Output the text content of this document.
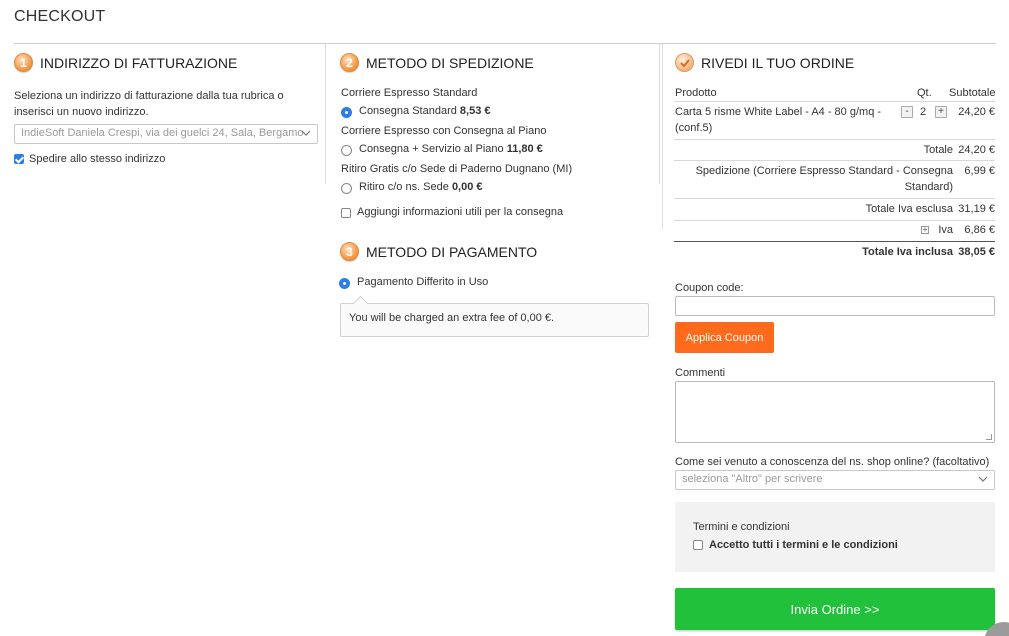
CHECKOUT
1 INDIRIZZO DI FATTURAZIONE
Seleziona un indirizzo di fatturazione dalla tua rubrica o inserisci un nuovo indirizzo.
IndieSoft Daniela Crespi, via dei guelci 24, Sala, Bergamo
Spedire allo stesso indirizzo
2 METODO DI SPEDIZIONE
Corriere Espresso Standard
Consegna Standard 8,53 €
Corriere Espresso con Consegna al Piano
Consegna + Servizio al Piano 11,80 €
Ritiro Gratis c/o Sede di Paderno Dugnano (MI)
Ritiro c/o ns. Sede 0,00 €
Aggiungi informazioni utili per la consegna
3 METODO DI PAGAMENTO
Pagamento Differito in Uso
You will be charged an extra fee of 0,00 €.
RIVEDI IL TUO ORDINE
Prodotto	Qt. Subtotale
Carta 5 risme White Label - A4 - 80 g/mq - (conf.5)
-	2	+	24,20 €
Totale 24,20 €
Spedizione (Corriere Espresso Standard - Consegna Standard)
6,99 €
Totale Iva esclusa 31,19 €
+ Iva	6,86 €
Totale Iva inclusa 38,05 €
Coupon code:
Applica Coupon
Commenti
Come sei venuto a conoscenza del ns. shop online? (facoltativo)
seleziona "Altro" per scrivere
Termini e condizioni
Accetto tutti i termini e le condizioni
Invia Ordine >>
